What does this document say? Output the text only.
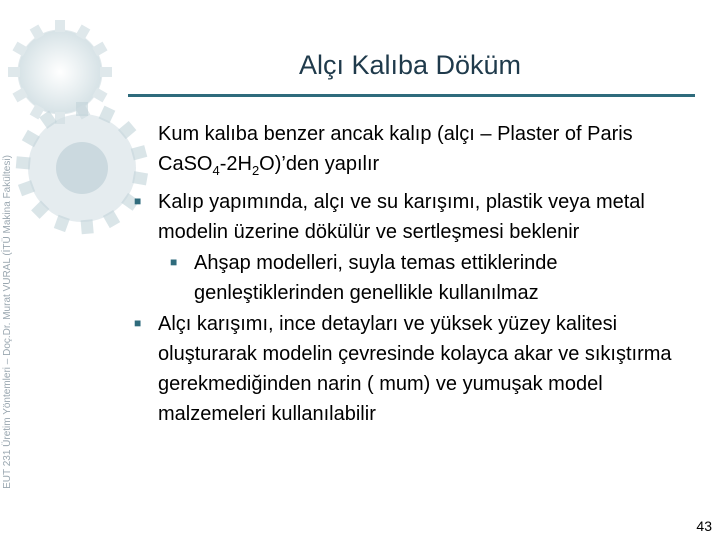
EUT 231 Üretim Yöntemleri – Doç.Dr. Murat VURAL (İTÜ Makina Fakültesi)
Alçı Kalıba Döküm

Kum kalıba benzer ancak kalıp (alçı – Plaster of Paris $CaSO_4‑2H_2O)’den$ yapılır

■ Kalıp yapımında, alçı ve su karışımı, plastik veya metal modelin üzerine dökülür ve sertleşmesi beklenir

■ Ahşap modelleri, suyla temas ettiklerinde genleştiklerinden genellikle kullanılmaz

■ Alçı karışımı, ince detayları ve yüksek yüzey kalitesi oluşturarak modelin çevresinde kolayca akar ve sıkıştırma gerekmediğinden narin ( mum) ve yumuşak model malzemeleri kullanılabilir

43
